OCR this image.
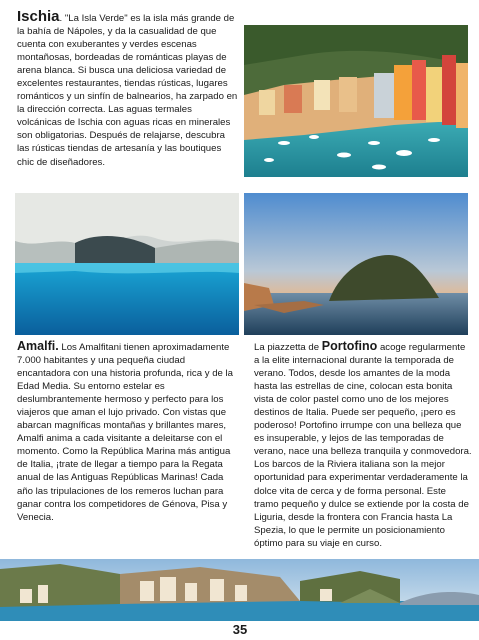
Ischia. "La Isla Verde" es la isla más grande de la bahía de Nápoles, y da la casualidad de que cuenta con exuberantes y verdes escenas montañosas, bordeadas de románticas playas de arena blanca. Si busca una deliciosa variedad de excelentes restaurantes, tiendas rústicas, lugares románticos y un sinfín de balnearios, ha zarpado en la dirección correcta. Las aguas termales volcánicas de Ischia con aguas ricas en minerales son obligatorias. Después de relajarse, descubra las rústicas tiendas de artesanía y las boutiques chic de diseñadores.
Amalfi. Los Amalfitani tienen aproximadamente 7.000 habitantes y una pequeña ciudad encantadora con una historia profunda, rica y de la Edad Media. Su entorno estelar es deslumbrantemente hermoso y perfecto para los viajeros que aman el lujo privado. Con vistas que abarcan magníficas montañas y brillantes mares, Amalfi anima a cada visitante a deleitarse con el momento. Como la República Marina más antigua de Italia, ¡trate de llegar a tiempo para la Regata anual de las Antiguas Repúblicas Marinas! Cada año las tripulaciones de los remeros luchan para ganar contra los competidores de Génova, Pisa y Venecia.
La piazzetta de Portofino acoge regularmente a la elite internacional durante la temporada de verano. Todos, desde los amantes de la moda hasta las estrellas de cine, colocan esta bonita vista de color pastel como uno de los mejores destinos de Italia. Puede ser pequeño, ¡pero es poderoso! Portofino irrumpe con una belleza que es insuperable, y lejos de las temporadas de verano, nace una belleza tranquila y conmovedora. Los barcos de la Riviera italiana son la mejor oportunidad para experimentar verdaderamente la dolce vita de cerca y de forma personal. Este tramo pequeño y dulce se extiende por la costa de Liguria, desde la frontera con Francia hasta La Spezia, lo que le permite un posicionamiento óptimo para su viaje en curso.
35
